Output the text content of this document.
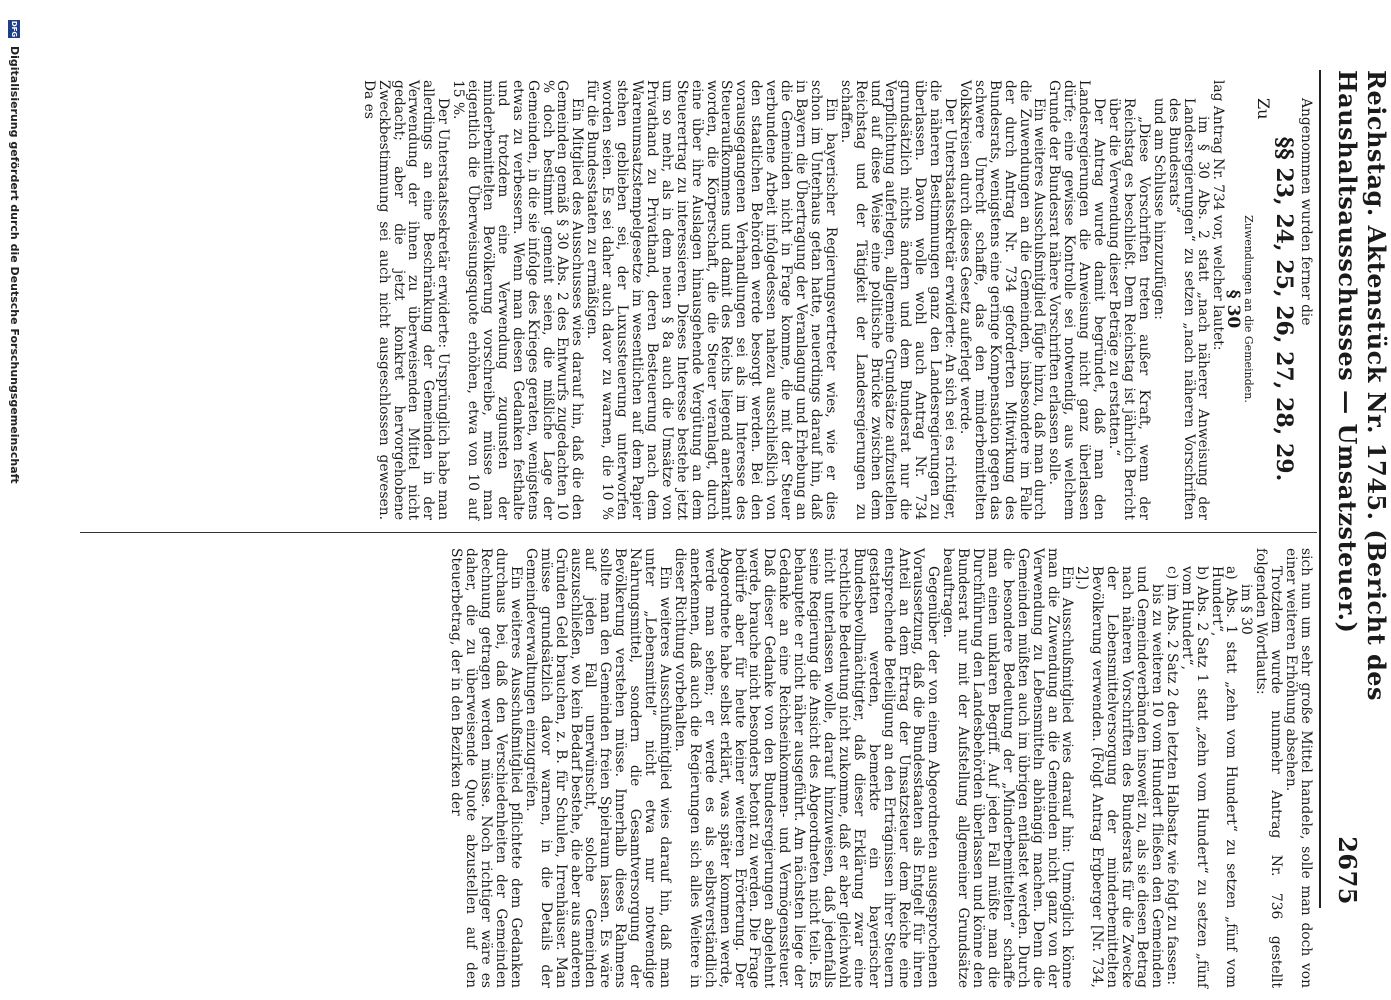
Reichstag. Aktenstück Nr. 1745. (Bericht des Haushaltsausschusses — Umsatzsteuer.)
2675

Angenommen wurden ferner die

§§ 23, 24, 25, 26, 27, 28, 29.

Zu

Zuwendungen an die Gemeinden.

§ 30

lag Antrag Nr. 734 vor, welcher lautet:

im § 30 Abs. 2 statt „nach näherer Anweisung der Landesregierungen“ zu setzen „nach näheren Vorschriften des Bundesrats“

und am Schlusse hinzuzufügen:

„Diese Vorschriften treten außer Kraft, wenn der Reichstag es beschließt. Dem Reichstag ist jährlich Bericht über die Verwendung dieser Beträge zu erstatten.“

Der Antrag wurde damit begründet, daß man den Landesregierungen die Anweisung nicht ganz überlassen dürfe; eine gewisse Kontrolle sei notwendig, aus welchem Grunde der Bundesrat nähere Vorschriften erlassen solle.

Ein weiteres Ausschußmitglied fügte hinzu, daß man durch die Zuwendungen an die Gemeinden, insbesondere im Falle der durch Antrag Nr. 734 geforderten Mitwirkung des Bundesrats, wenigstens eine geringe Kompensation gegen das schwere Unrecht schaffe, das den minderbemittelten Volkskreisen durch dieses Gesetz auferlegt werde.

Der Unterstaatssekretär erwiderte: An sich sei es richtiger, die näheren Bestimmungen ganz den Landesregierungen zu überlassen. Davon wolle wohl auch Antrag Nr. 734 grundsätzlich nichts ändern und dem Bundesrat nur die Verpflichtung auferlegen, allgemeine Grundsätze aufzustellen und auf diese Weise eine politische Brücke zwischen dem Reichstag und der Tätigkeit der Landesregierungen zu schaffen.

Ein bayerischer Regierungsvertreter wies, wie er dies schon im Unterhaus getan hatte, neuerdings darauf hin, daß in Bayern die Übertragung der Veranlagung und Erhebung an die Gemeinden nicht in Frage komme, die mit der Steuer verbundene Arbeit infolgedessen nahezu ausschließlich von den staatlichen Behörden werde besorgt werden. Bei den vorausgegangenen Verhandlungen sei als im Interesse des Steueraufkommens und damit des Reichs liegend anerkannt worden, die Körperschaft, die die Steuer veranlagt, durch eine über ihre Auslagen hinausgehende Vergütung an dem Steuerertrag zu interessieren. Dieses Interesse bestehe jetzt um so mehr, als in dem neuen § 8a auch die Umsätze von Privathand zu Privathand, deren Besteuerung nach dem Warenumsatzstempelgesetze im wesentlichen auf dem Papier stehen geblieben sei, der Luxussteuerung unterworfen worden seien. Es sei daher auch davor zu warnen, die 10 % für die Bundesstaaten zu ermäßigen.

Ein Mitglied des Ausschusses wies darauf hin, daß die den Gemeinden gemäß § 30 Abs. 2 des Entwurfs zugedachten 10 % doch bestimmt gemeint seien, die mißliche Lage der Gemeinden, in die sie infolge des Krieges geraten, wenigstens etwas zu verbessern. Wenn man diesen Gedanken festhalte und trotzdem eine Verwendung zugunsten der minderbemittelten Bevölkerung vorschreibe, müsse man eigentlich die Überweisungsquote erhöhen, etwa von 10 auf 15 %.

Der Unterstaatssekretär erwiderte: Ursprünglich habe man allerdings an eine Beschränkung der Gemeinden in der Verwendung der ihnen zu überweisenden Mittel nicht gedacht; aber die jetzt konkret hervorgehobene Zweckbestimmung sei auch nicht ausgeschlossen gewesen. Da es

sich nun um sehr große Mittel handele, solle man doch von einer weiteren Erhöhung absehen.

Trotzdem wurde nunmehr Antrag Nr. 736 gestellt folgenden Wortlauts:

im § 30

a) Abs. 1 statt „zehn vom Hundert“ zu setzen „fünf vom Hundert“,

b) Abs. 2 Satz 1 statt „zehn vom Hundert“ zu setzen „fünf vom Hundert“,

c) im Abs. 2 Satz 2 den letzten Halbsatz wie folgt zu fassen:

bis zu weiteren 10 vom Hundert fließen den Gemeinden und Gemeindeverbänden insoweit zu, als sie diesen Betrag nach näheren Vorschriften des Bundesrats für die Zwecke der Lebensmittelversorgung der minderbemittelten Bevölkerung verwenden. (Folgt Antrag Ergberger [Nr. 734, 2].)

Ein Ausschußmitglied wies darauf hin: Unmöglich könne man die Zuwendung an die Gemeinden nicht ganz von der Verwendung zu Lebensmitteln abhängig machen. Denn die Gemeinden müßten auch im übrigen entlastet werden. Durch die besondere Bedeutung der „Minderbemittelten“ schaffe man einen unklaren Begriff. Auf jeden Fall müßte man die Durchführung den Landesbehörden überlassen und könne den Bundesrat nur mit der Aufstellung allgemeiner Grundsätze beauftragen.

Gegenüber der von einem Abgeordneten ausgesprochenen Voraussetzung, daß die Bundesstaaten als Entgelt für ihren Anteil an dem Ertrag der Umsatzsteuer dem Reiche eine entsprechende Beteiligung an den Erträgnissen ihrer Steuern gestatten werden, bemerkte ein bayerischer Bundesbevollmächtigter, daß dieser Erklärung zwar eine rechtliche Bedeutung nicht zukomme, daß er aber gleichwohl nicht unterlassen wolle, darauf hinzuweisen, daß jedenfalls seine Regierung die Ansicht des Abgeordneten nicht teile. Es behauptete er nicht näher ausgeführt. Am nächsten liege der Gedanke an eine Reichseinkommen- und Vermögenssteuer. Daß dieser Gedanke von den Bundesregierungen abgelehnt werde, brauche nicht besonders betont zu werden. Die Frage bedürfe aber für heute keiner weiteren Erörterung. Der Abgeordnete habe selbst erklärt, was später kommen werde, werde man sehen; er werde es als selbstverständlich anerkennen, daß auch die Regierungen sich alles Weitere in dieser Richtung vorbehalten.

Ein weiteres Ausschußmitglied wies darauf hin, daß man unter „Lebensmittel“ nicht etwa nur notwendige Nahrungsmittel, sondern die Gesamtversorgung der Bevölkerung verstehen müsse. Innerhalb dieses Rahmens sollte man den Gemeinden freien Spielraum lassen. Es wäre auf jeden Fall unerwünscht, solche Gemeinden auszuschließen, wo kein Bedarf bestehe, die aber aus anderen Gründen Geld brauchen, z. B. für Schulen, Irrenhäuser. Man müsse grundsätzlich davor warnen, in die Details der Gemeindeverwaltungen einzugreifen.

Ein weiteres Ausschußmitglied pflichtete dem Gedanken durchaus bei, daß den Verschiedenheiten der Gemeinden Rechnung getragen werden müsse. Noch richtiger wäre es daher, die zu überweisende Quote abzustellen auf den Steuerbetrag, der in den Bezirken der

DFG
Digitalisierung gefördert durch die Deutsche Forschungsgemeinschaft
